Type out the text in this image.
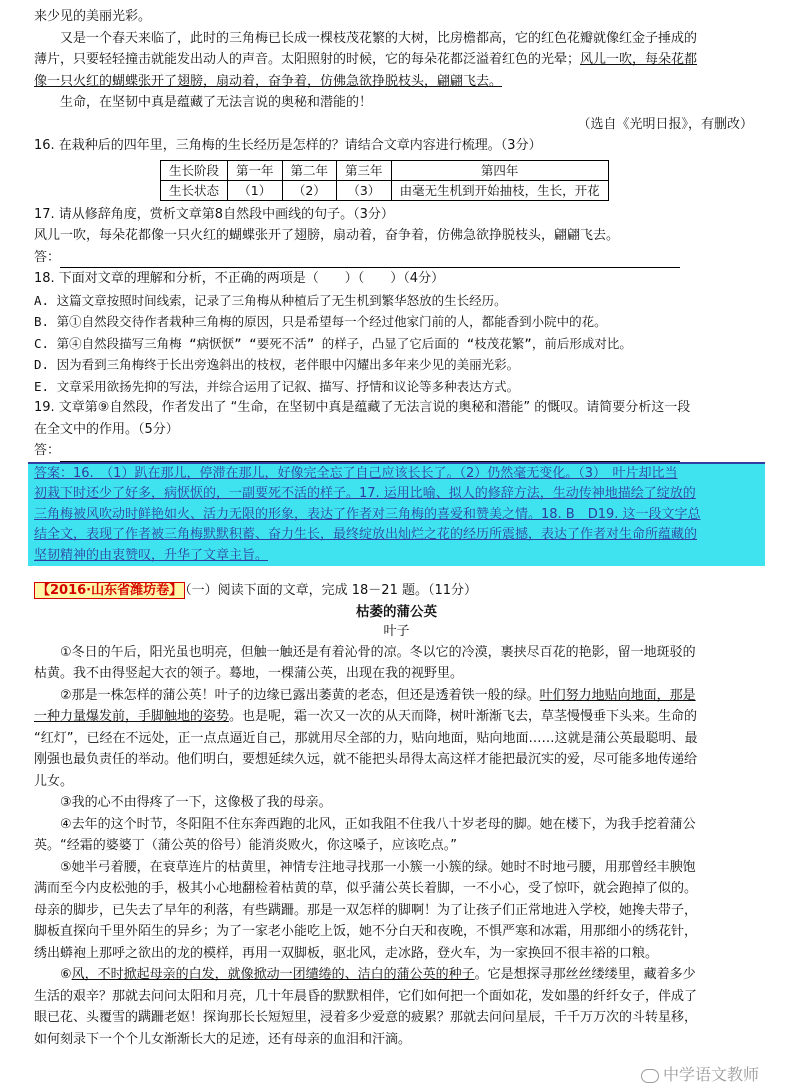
来少见的美丽光彩。
又是一个春天来临了，此时的三角梅已长成一棵枝茂花繁的大树，比房檐都高，它的红色花瓣就像红金子捶成的
薄片，只要轻轻撞击就能发出动人的声音。太阳照射的时候，它的每朵花都泛溢着红色的光晕；风儿一吹，每朵花都
像一只火红的蝴蝶张开了翅膀，扇动着，奋争着，仿佛急欲挣脱枝头，翩翩飞去。
生命，在坚韧中真是蕴藏了无法言说的奥秘和潜能的！
（选自《光明日报》，有删改）
16. 在栽种后的四年里，三角梅的生长经历是怎样的？请结合文章内容进行梳理。（3分）
生长阶段	第一年	第二年	第三年	第四年
生长状态	（1）	（2）	（3）	由毫无生机到开始抽枝，生长，开花
17. 请从修辞角度，赏析文章第8自然段中画线的句子。（3分）
风儿一吹，每朵花都像一只火红的蝴蝶张开了翅膀，扇动着，奋争着，仿佛急欲挣脱枝头，翩翩飞去。
答：
18. 下面对文章的理解和分析，不正确的两项是（　　）（　　）（4分）
A. 这篇文章按照时间线索，记录了三角梅从种植后了无生机到繁华怒放的生长经历。
B. 第①自然段交待作者栽种三角梅的原因，只是希望每一个经过他家门前的人，都能香到小院中的花。
C. 第④自然段描写三角梅 “病恹恹” “要死不活” 的样子，凸显了它后面的 “枝茂花繁”，前后形成对比。
D. 因为看到三角梅终于长出旁逸斜出的枝杈，老伴眼中闪耀出多年来少见的美丽光彩。
E. 文章采用欲扬先抑的写法，并综合运用了记叙、描写、抒情和议论等多种表达方式。
19. 文章第⑨自然段，作者发出了 “生命，在坚韧中真是蕴藏了无法言说的奥秘和潜能” 的慨叹。请简要分析这一段
在全文中的作用。（5分）
答：
答案：16.　（1）趴在那儿，停滞在那儿，好像完全忘了自己应该长长了。（2）仍然毫无变化。（3）　叶片却比当
初栽下时还少了好多，病恹恹的，一副要死不活的样子。17. 运用比喻、拟人的修辞方法，生动传神地描绘了绽放的
三角梅被风吹动时鲜艳如火、活力无限的形象，表达了作者对三角梅的喜爱和赞美之情。18. B　D19. 这一段文字总
结全文，表现了作者被三角梅默默积蓄、奋力生长，最终绽放出灿烂之花的经历所震撼，表达了作者对生命所蕴藏的
坚韧精神的由衷赞叹，升华了文章主旨。
【2016·山东省潍坊卷】 （一）阅读下面的文章，完成 18－21 题。（11分）
枯萎的蒲公英
叶子
①冬日的午后，阳光虽也明亮，但触一触还是有着沁骨的凉。冬以它的冷漠，裹挟尽百花的艳影，留一地斑驳的
枯黄。我不由得竖起大衣的领子。蓦地，一棵蒲公英，出现在我的视野里。
②那是一株怎样的蒲公英！叶子的边缘已露出萎黄的老态，但还是透着铁一般的绿。叶们努力地贴向地面，那是
一种力量爆发前，手脚触地的姿势。也是呢，霜一次又一次的从天而降，树叶渐渐飞去，草茎慢慢垂下头来。生命的
“红灯”，已经在不远处，正一点点逼近自己，那就用尽全部的力，贴向地面，贴向地面……这就是蒲公英最聪明、最
刚强也最负责任的举动。他们明白，要想延续久远，就不能把头昂得太高这样才能把最沉实的爱，尽可能多地传递给
儿女。
③我的心不由得疼了一下，这像极了我的母亲。
④去年的这个时节，冬阳阻不住东奔西跑的北风，正如我阻不住我八十岁老母的脚。她在楼下，为我手挖着蒲公
英。“经霜的婆婆丁（蒲公英的俗号）能消炎败火，你这嗓子，应该吃点。”
⑤她半弓着腰，在衰草连片的枯黄里，神情专注地寻找那一小簇一小簇的绿。她时不时地弓腰，用那曾经丰腴饱
满而至今内皮松弛的手，极其小心地翻检着枯黄的草，似乎蒲公英长着脚，一不小心，受了惊吓，就会跑掉了似的。
母亲的脚步，已失去了早年的利落，有些蹒跚。那是一双怎样的脚啊！为了让孩子们正常地进入学校，她搀夫带子，
脚板直探向千里外陌生的异乡；为了一家老小能吃上饭，她不分白天和夜晚，不惧严寒和冰霜，用那细小的绣花针，
绣出蟒袍上那呼之欲出的龙的模样，再用一双脚板，驱北风，走冰路，登火车，为一家换回不很丰裕的口粮。
⑥风，不时掀起母亲的白发，就像掀动一团缱绻的、洁白的蒲公英的种子。它是想探寻那丝丝缕缕里，藏着多少
生活的艰辛？那就去问问太阳和月亮，几十年晨昏的默默相伴，它们如何把一个面如花，发如墨的纤纤女子，伴成了
眼已花、头覆雪的蹒跚老妪！探询那长长短短里，浸着多少爱意的疲累？那就去问问星辰，千千万万次的斗转星移，
如何刻录下一个个儿女渐渐长大的足迹，还有母亲的血泪和汗滴。
中学语文教师
